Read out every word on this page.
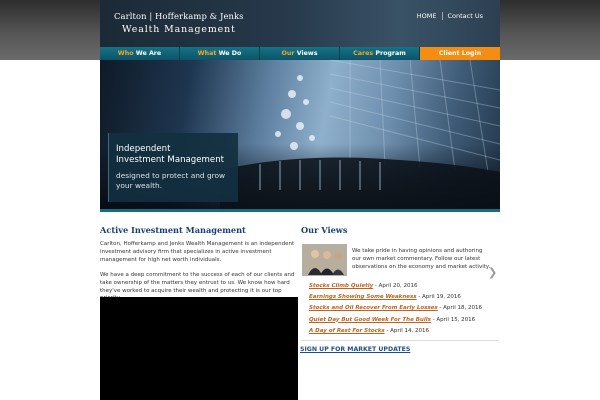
Carlton | Hofferkamp & Jenks
Wealth Management
HOME	Contact Us
Who We Are	What We Do	Our Views	Cares Program	Client Login
Independent
Investment Management
designed to protect and grow
your wealth.
Active Investment Management
Carlton, Hofferkamp and Jenks Wealth Management is an independent investment advisory firm that specializes in active investment management for high net worth individuals.
We have a deep commitment to the success of each of our clients and take ownership of the matters they entrust to us. We know how hard they've worked to acquire their wealth and protecting it is our top
Our Views
We take pride in having opinions and authoring our own market commentary. Follow our latest observations on the economy and market activity.
❯
Stocks Climb Quietly - April 20, 2016
Earnings Showing Some Weakness - April 19, 2016
Stocks and Oil Recover From Early Losses - April 18, 2016
Quiet Day But Good Week For The Bulls - April 15, 2016
A Day of Rest For Stocks - April 14, 2016
SIGN UP FOR MARKET UPDATES
